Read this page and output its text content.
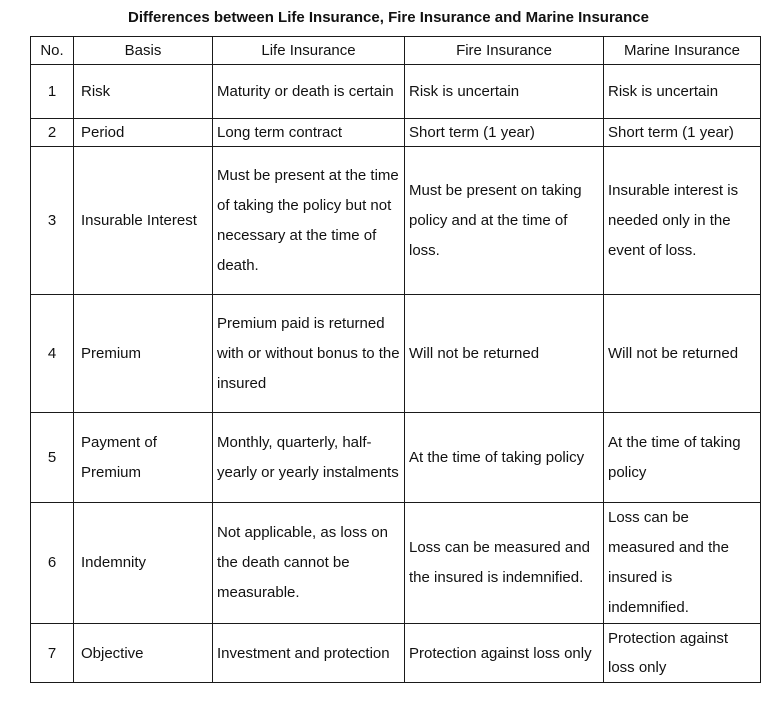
Differences between Life Insurance, Fire Insurance and Marine Insurance
No.	Basis	Life Insurance	Fire Insurance	Marine Insurance
1	Risk	Maturity or death is certain	Risk is uncertain	Risk is uncertain
2	Period	Long term contract	Short term (1 year)	Short term (1 year)
3	Insurable Interest	Must be present at the time of taking the policy but not necessary at the time of death.	Must be present on taking policy and at the time of loss.	Insurable interest is needed only in the event of loss.
4	Premium	Premium paid is returned with or without bonus to the insured	Will not be returned	Will not be returned
5	Payment of Premium	Monthly, quarterly, half-yearly or yearly instalments	At the time of taking policy	At the time of taking policy
6	Indemnity	Not applicable, as loss on the death cannot be measurable.	Loss can be measured and the insured is indemnified.	Loss can be measured and the insured is indemnified.
7	Objective	Investment and protection	Protection against loss only	Protection against loss only
